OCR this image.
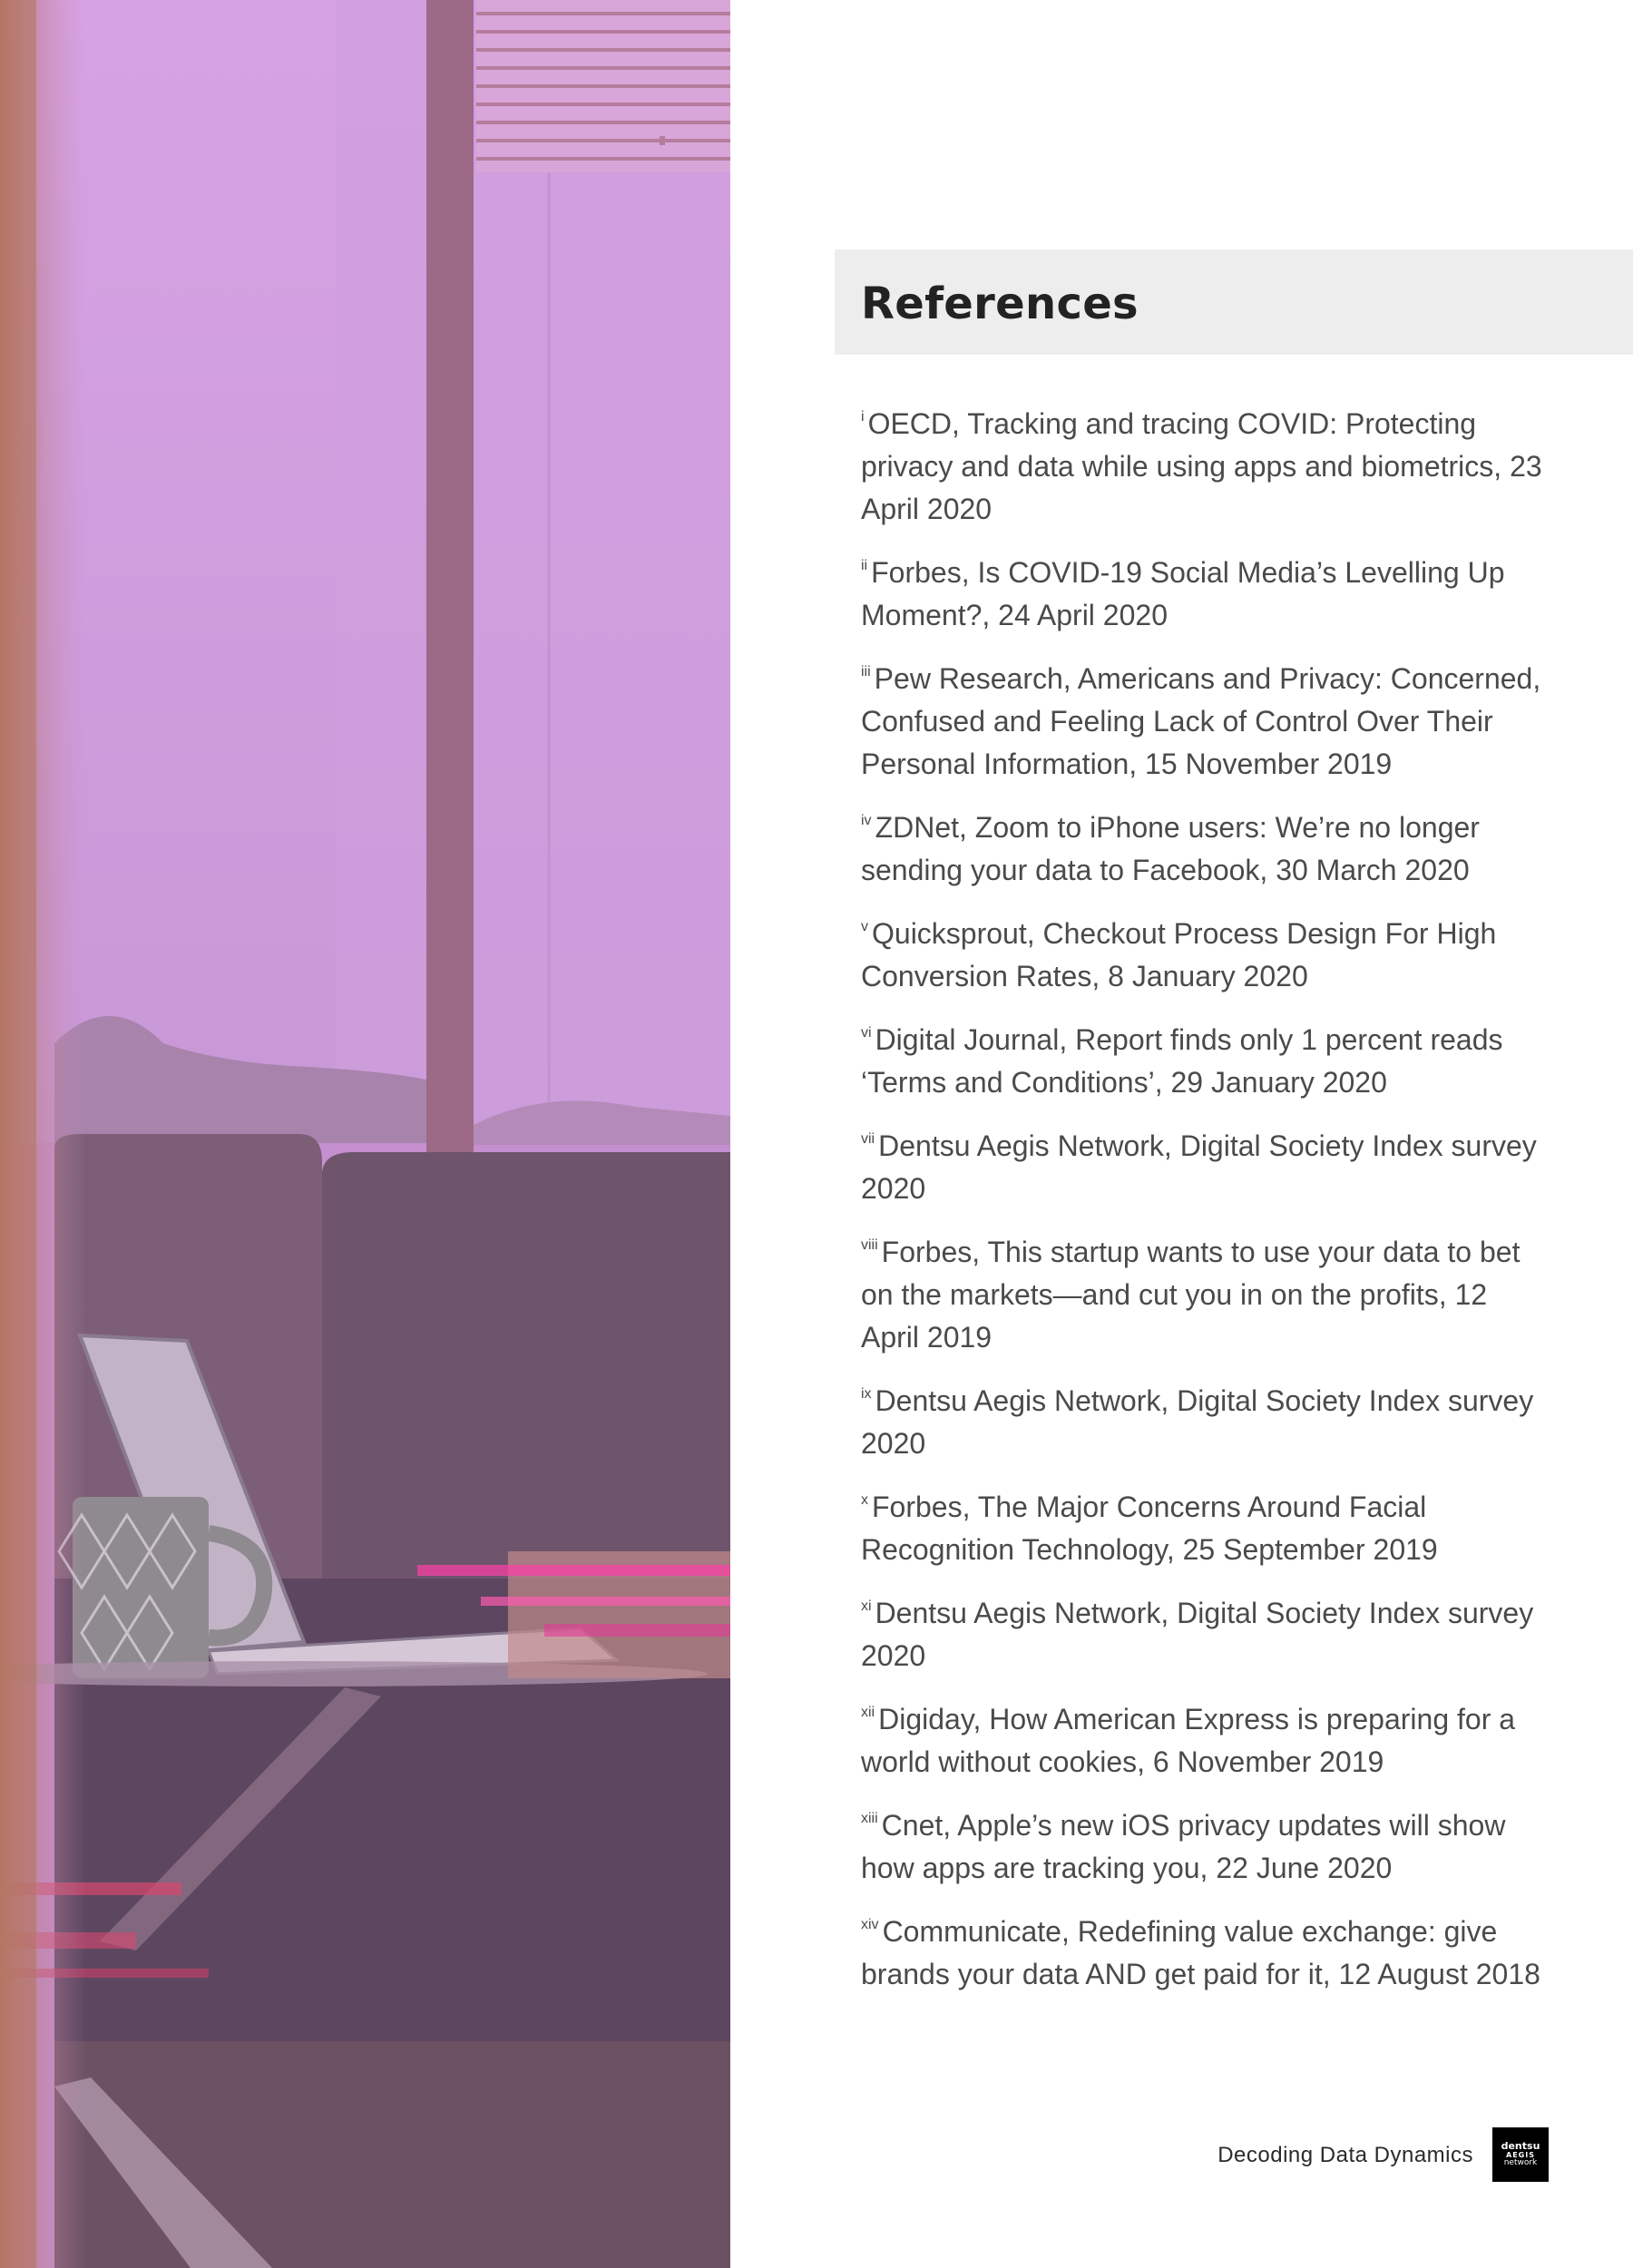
References
$^i$ OECD, Tracking and tracing COVID: Protecting privacy and data while using apps and biometrics, 23 April 2020
$^{ii}$ Forbes, Is COVID-19 Social Media’s Levelling Up Moment?, 24 April 2020
$^{iii}$ Pew Research, Americans and Privacy: Concerned, Confused and Feeling Lack of Control Over Their Personal Information, 15 November 2019
$^{iv}$ ZDNet, Zoom to iPhone users: We’re no longer sending your data to Facebook, 30 March 2020
$^v$ Quicksprout, Checkout Process Design For High Conversion Rates, 8 January 2020
$^{vi}$ Digital Journal, Report finds only 1 percent reads ‘Terms and Conditions’, 29 January 2020
$^{vii}$ Dentsu Aegis Network, Digital Society Index survey 2020
$^{viii}$ Forbes, This startup wants to use your data to bet on the markets—and cut you in on the profits, 12 April 2019
$^{ix}$ Dentsu Aegis Network, Digital Society Index survey 2020
$^x$ Forbes, The Major Concerns Around Facial Recognition Technology, 25 September 2019
$^{xi}$ Dentsu Aegis Network, Digital Society Index survey 2020
$^{xii}$ Digiday, How American Express is preparing for a world without cookies, 6 November 2019
$^{xiii}$ Cnet, Apple’s new iOS privacy updates will show how apps are tracking you, 22 June 2020
$^{xiv}$ Communicate, Redefining value exchange: give brands your data AND get paid for it, 12 August 2018
Decoding Data Dynamics	dentsu
AEGIS
network
